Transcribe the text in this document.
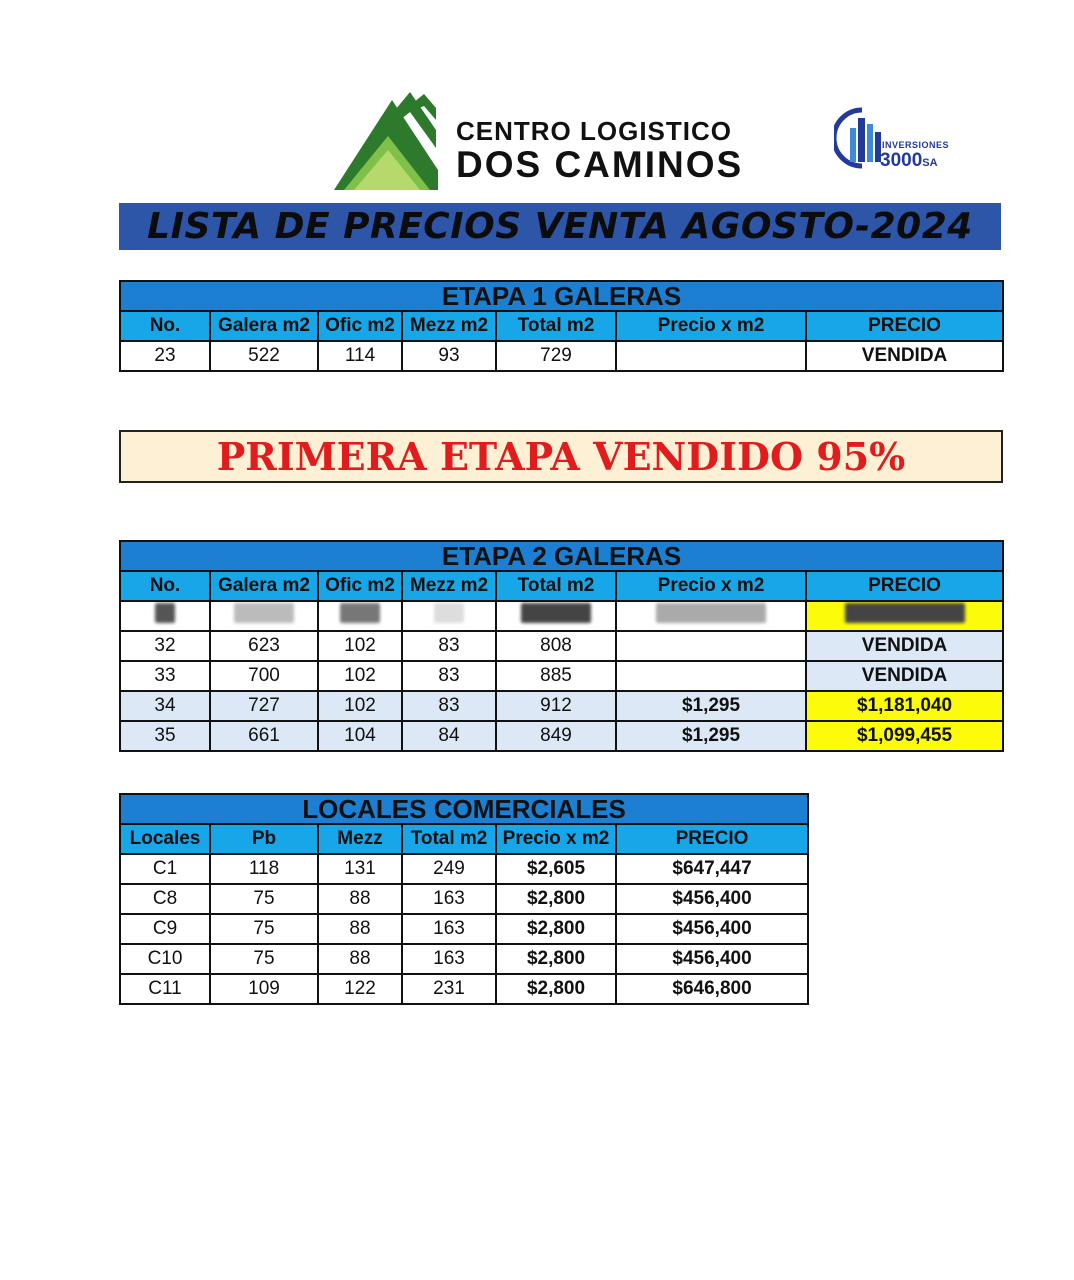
CENTRO LOGISTICO
DOS CAMINOS	INVERSIONES
3000SA
LISTA DE PRECIOS VENTA AGOSTO-2024
ETAPA 1 GALERAS						
No.	Galera m2	Ofic m2	Mezz m2	Total m2	Precio x m2	PRECIO
23	522	114	93	729		VENDIDA
PRIMERA ETAPA VENDIDO 95%
ETAPA 2 GALERAS						
No.	Galera m2	Ofic m2	Mezz m2	Total m2	Precio x m2	PRECIO

32	623	102	83	808		VENDIDA
33	700	102	83	885		VENDIDA
34	727	102	83	912	$1,295	$1,181,040
35	661	104	84	849	$1,295	$1,099,455
LOCALES COMERCIALES					
Locales	Pb	Mezz	Total m2	Precio x m2	PRECIO
C1	118	131	249	$2,605	$647,447
C8	75	88	163	$2,800	$456,400
C9	75	88	163	$2,800	$456,400
C10	75	88	163	$2,800	$456,400
C11	109	122	231	$2,800	$646,800
